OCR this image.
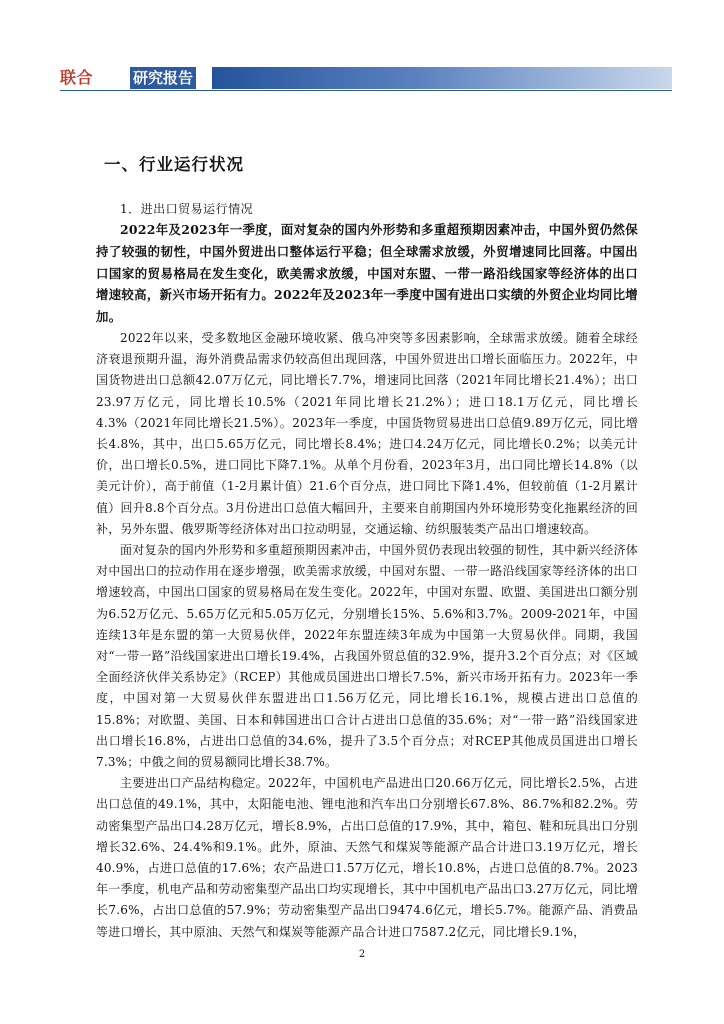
联合	研究报告
一、行业运行状况
1．进出口贸易运行情况

2022年及2023年一季度，面对复杂的国内外形势和多重超预期因素冲击，中国外贸仍然保持了较强的韧性，中国外贸进出口整体运行平稳；但全球需求放缓，外贸增速同比回落。中国出口国家的贸易格局在发生变化，欧美需求放缓，中国对东盟、一带一路沿线国家等经济体的出口增速较高，新兴市场开拓有力。2022年及2023年一季度中国有进出口实绩的外贸企业均同比增加。

2022年以来，受多数地区金融环境收紧、俄乌冲突等多因素影响，全球需求放缓。随着全球经济衰退预期升温，海外消费品需求仍较高但出现回落，中国外贸进出口增长面临压力。2022年，中国货物进出口总额42.07万亿元，同比增长7.7%，增速同比回落（2021年同比增长21.4%）；出口23.97万亿元，同比增长10.5%（2021年同比增长21.2%）；进口18.1万亿元，同比增长4.3%（2021年同比增长21.5%）。2023年一季度，中国货物贸易进出口总值9.89万亿元，同比增长4.8%，其中，出口5.65万亿元，同比增长8.4%；进口4.24万亿元，同比增长0.2%；以美元计价，出口增长0.5%，进口同比下降7.1%。从单个月份看，2023年3月，出口同比增长14.8%（以美元计价），高于前值（1-2月累计值）21.6个百分点，进口同比下降1.4%，但较前值（1-2月累计值）回升8.8个百分点。3月份进出口总值大幅回升，主要来自前期国内外环境形势变化拖累经济的回补，另外东盟、俄罗斯等经济体对出口拉动明显，交通运输、纺织服装类产品出口增速较高。

面对复杂的国内外形势和多重超预期因素冲击，中国外贸仍表现出较强的韧性，其中新兴经济体对中国出口的拉动作用在逐步增强，欧美需求放缓，中国对东盟、一带一路沿线国家等经济体的出口增速较高，中国出口国家的贸易格局在发生变化。2022年，中国对东盟、欧盟、美国进出口额分别为6.52万亿元、5.65万亿元和5.05万亿元，分别增长15%、5.6%和3.7%。2009-2021年，中国连续13年是东盟的第一大贸易伙伴，2022年东盟连续3年成为中国第一大贸易伙伴。同期，我国对“一带一路”沿线国家进出口增长19.4%，占我国外贸总值的32.9%，提升3.2个百分点；对《区域全面经济伙伴关系协定》（RCEP）其他成员国进出口增长7.5%，新兴市场开拓有力。2023年一季度，中国对第一大贸易伙伴东盟进出口1.56万亿元，同比增长16.1%，规模占进出口总值的15.8%；对欧盟、美国、日本和韩国进出口合计占进出口总值的35.6%；对“一带一路”沿线国家进出口增长16.8%，占进出口总值的34.6%，提升了3.5个百分点；对RCEP其他成员国进出口增长7.3%；中俄之间的贸易额同比增长38.7%。

主要进出口产品结构稳定。2022年，中国机电产品进出口20.66万亿元，同比增长2.5%，占进出口总值的49.1%，其中，太阳能电池、锂电池和汽车出口分别增长67.8%、86.7%和82.2%。劳动密集型产品出口4.28万亿元，增长8.9%，占出口总值的17.9%，其中，箱包、鞋和玩具出口分别增长32.6%、24.4%和9.1%。此外，原油、天然气和煤炭等能源产品合计进口3.19万亿元，增长40.9%，占进口总值的17.6%；农产品进口1.57万亿元，增长10.8%，占进口总值的8.7%。2023年一季度，机电产品和劳动密集型产品出口均实现增长，其中中国机电产品出口3.27万亿元，同比增长7.6%，占出口总值的57.9%；劳动密集型产品出口9474.6亿元，增长5.7%。能源产品、消费品等进口增长，其中原油、天然气和煤炭等能源产品合计进口7587.2亿元，同比增长9.1%，

2
